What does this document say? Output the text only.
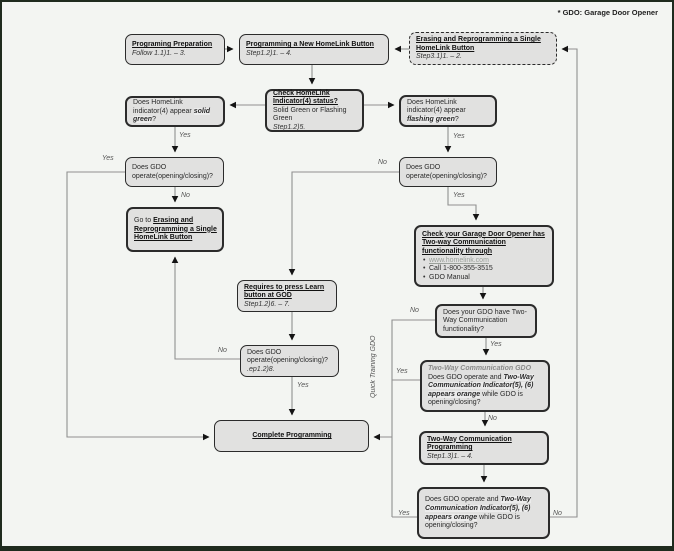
* GDO: Garage Door Opener
Programing Preparation
Follow 1.1)1. – 3.
Programming a New HomeLink Button
Step1.2)1. – 4.
Erasing and Reprogramming a Single HomeLink Button
Step3.1)1. – 2.
Check HomeLink Indicator(4) status?
Solid Green or Flashing Green
Step1.2)5.
Does HomeLink indicator(4) appear solid green?
Does HomeLink indicator(4) appear flashing green?
Does GDO operate(opening/closing)?
Go to Erasing and Reprogramming a Single HomeLink Button
Does GDO operate(opening/closing)?
Check your Garage Door Opener has Two-way Communication functionality through
• www.homelink.com
• Call 1-800-355-3515
• GDO Manual
Requires to press Learn button at GOD
Step1.2)6. – 7.
Does GDO operate(opening/closing)?
.ep1.2)8.
Does your GDO have Two-Way Communication functionality?
Two-Way Communication GDO
Does GDO operate and Two-Way Communication Indicator(5), (6) appears orange while GDO is opening/closing?
Two-Way Communication Programming
Step1.3)1. – 4.
Does GDO operate and Two-Way Communication Indicator(5), (6) appears orange while GDO is opening/closing?
Complete Programming
Yes
Yes
No
Yes
No
Yes
No
Yes
Yes
No
No
Yes
Yes	No
Quick Training GDO
